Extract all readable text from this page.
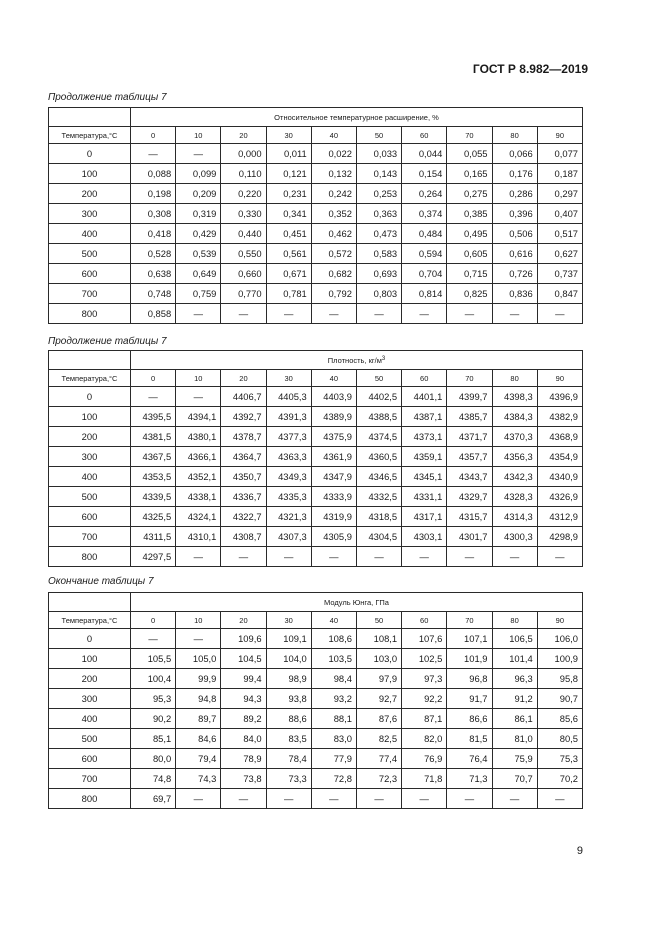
ГОСТ Р 8.982—2019
Продолжение таблицы 7
	Относительное температурное расширение, %									
Температура,°С	0	10	20	30	40	50	60	70	80	90
0	—	—	0,000	0,011	0,022	0,033	0,044	0,055	0,066	0,077
100	0,088	0,099	0,110	0,121	0,132	0,143	0,154	0,165	0,176	0,187
200	0,198	0,209	0,220	0,231	0,242	0,253	0,264	0,275	0,286	0,297
300	0,308	0,319	0,330	0,341	0,352	0,363	0,374	0,385	0,396	0,407
400	0,418	0,429	0,440	0,451	0,462	0,473	0,484	0,495	0,506	0,517
500	0,528	0,539	0,550	0,561	0,572	0,583	0,594	0,605	0,616	0,627
600	0,638	0,649	0,660	0,671	0,682	0,693	0,704	0,715	0,726	0,737
700	0,748	0,759	0,770	0,781	0,792	0,803	0,814	0,825	0,836	0,847
800	0,858	—	—	—	—	—	—	—	—	—
Продолжение таблицы 7
	Плотность, $кг/м^3$
Температура,°С	0	10	20	30	40	50	60	70	80	90
0	—	—	4406,7	4405,3	4403,9	4402,5	4401,1	4399,7	4398,3	4396,9
100	4395,5	4394,1	4392,7	4391,3	4389,9	4388,5	4387,1	4385,7	4384,3	4382,9
200	4381,5	4380,1	4378,7	4377,3	4375,9	4374,5	4373,1	4371,7	4370,3	4368,9
300	4367,5	4366,1	4364,7	4363,3	4361,9	4360,5	4359,1	4357,7	4356,3	4354,9
400	4353,5	4352,1	4350,7	4349,3	4347,9	4346,5	4345,1	4343,7	4342,3	4340,9
500	4339,5	4338,1	4336,7	4335,3	4333,9	4332,5	4331,1	4329,7	4328,3	4326,9
600	4325,5	4324,1	4322,7	4321,3	4319,9	4318,5	4317,1	4315,7	4314,3	4312,9
700	4311,5	4310,1	4308,7	4307,3	4305,9	4304,5	4303,1	4301,7	4300,3	4298,9
800	4297,5	—	—	—	—	—	—	—	—	—
Окончание таблицы 7
	Модуль Юнга, ГПа									
Температура,°С	0	10	20	30	40	50	60	70	80	90
0	—	—	109,6	109,1	108,6	108,1	107,6	107,1	106,5	106,0
100	105,5	105,0	104,5	104,0	103,5	103,0	102,5	101,9	101,4	100,9
200	100,4	99,9	99,4	98,9	98,4	97,9	97,3	96,8	96,3	95,8
300	95,3	94,8	94,3	93,8	93,2	92,7	92,2	91,7	91,2	90,7
400	90,2	89,7	89,2	88,6	88,1	87,6	87,1	86,6	86,1	85,6
500	85,1	84,6	84,0	83,5	83,0	82,5	82,0	81,5	81,0	80,5
600	80,0	79,4	78,9	78,4	77,9	77,4	76,9	76,4	75,9	75,3
700	74,8	74,3	73,8	73,3	72,8	72,3	71,8	71,3	70,7	70,2
800	69,7	—	—	—	—	—	—	—	—	—
9
